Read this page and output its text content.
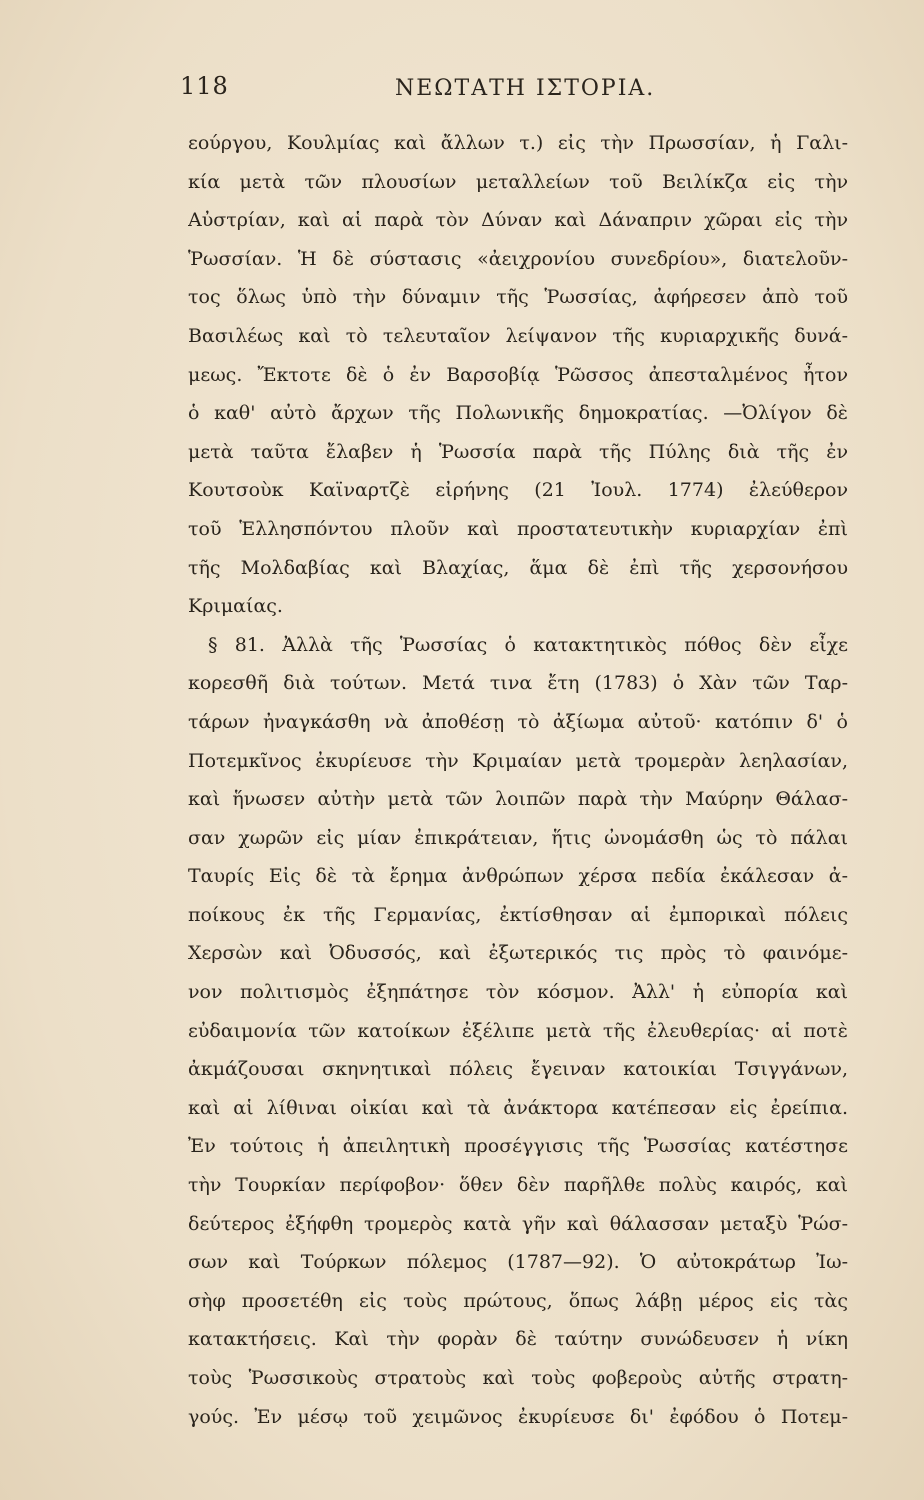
118	ΝΕΩΤΑΤΗ ΙΣΤΟΡΙΑ.
εούργου, Κουλμίας καὶ ἄλλων τ.) εἰς τὴν Πρωσσίαν, ἡ Γαλι-
κία μετὰ τῶν πλουσίων μεταλλείων τοῦ Βειλίκζα εἰς τὴν
Αὐστρίαν, καὶ αἱ παρὰ τὸν Δύναν καὶ Δάναπριν χῶραι εἰς τὴν
Ῥωσσίαν. Ἡ δὲ σύστασις «ἀειχρονίου συνεδρίου», διατελοῦν-
τος ὅλως ὑπὸ τὴν δύναμιν τῆς Ῥωσσίας, ἀφήρεσεν ἀπὸ τοῦ
Βασιλέως καὶ τὸ τελευταῖον λείψανον τῆς κυριαρχικῆς δυνά-
μεως. Ἔκτοτε δὲ ὁ ἐν Βαρσοβίᾳ Ῥῶσσος ἀπεσταλμένος ἦτον
ὁ καθ' αὐτὸ ἄρχων τῆς Πολωνικῆς δημοκρατίας. —Ὀλίγον δὲ
μετὰ ταῦτα ἔλαβεν ἡ Ῥωσσία παρὰ τῆς Πύλης διὰ τῆς ἐν
Κουτσοὺκ Καϊναρτζὲ εἰρήνης (21 Ἰουλ. 1774) ἐλεύθερον
τοῦ Ἑλλησπόντου πλοῦν καὶ προστατευτικὴν κυριαρχίαν ἐπὶ
τῆς Μολδαβίας καὶ Βλαχίας, ἅμα δὲ ἐπὶ τῆς χερσονήσου
Κριμαίας.
§ 81. Ἀλλὰ τῆς Ῥωσσίας ὁ κατακτητικὸς πόθος δὲν εἶχε
κορεσθῆ διὰ τούτων. Μετά τινα ἔτη (1783) ὁ Χὰν τῶν Ταρ-
τάρων ἠναγκάσθη νὰ ἀποθέσῃ τὸ ἀξίωμα αὐτοῦ· κατόπιν δ' ὁ
Ποτεμκῖνος ἐκυρίευσε τὴν Κριμαίαν μετὰ τρομερὰν λεηλασίαν,
καὶ ἥνωσεν αὐτὴν μετὰ τῶν λοιπῶν παρὰ τὴν Μαύρην Θάλασ-
σαν χωρῶν εἰς μίαν ἐπικράτειαν, ἥτις ὠνομάσθη ὡς τὸ πάλαι
Ταυρίς Εἰς δὲ τὰ ἔρημα ἀνθρώπων χέρσα πεδία ἐκάλεσαν ἀ-
ποίκους ἐκ τῆς Γερμανίας, ἐκτίσθησαν αἱ ἐμπορικαὶ πόλεις
Χερσὼν καὶ Ὀδυσσός, καὶ ἐξωτερικός τις πρὸς τὸ φαινόμε-
νον πολιτισμὸς ἐξηπάτησε τὸν κόσμον. Ἀλλ' ἡ εὐπορία καὶ
εὐδαιμονία τῶν κατοίκων ἐξέλιπε μετὰ τῆς ἐλευθερίας· αἱ ποτὲ
ἀκμάζουσαι σκηνητικαὶ πόλεις ἔγειναν κατοικίαι Τσιγγάνων,
καὶ αἱ λίθιναι οἰκίαι καὶ τὰ ἀνάκτορα κατέπεσαν εἰς ἐρείπια.
Ἐν τούτοις ἡ ἀπειλητικὴ προσέγγισις τῆς Ῥωσσίας κατέστησε
τὴν Τουρκίαν περίφοβον· ὅθεν δὲν παρῆλθε πολὺς καιρός, καὶ
δεύτερος ἐξήφθη τρομερὸς κατὰ γῆν καὶ θάλασσαν μεταξὺ Ῥώσ-
σων καὶ Τούρκων πόλεμος (1787—92). Ὁ αὐτοκράτωρ Ἰω-
σὴφ προσετέθη εἰς τοὺς πρώτους, ὅπως λάβῃ μέρος εἰς τὰς
κατακτήσεις. Καὶ τὴν φορὰν δὲ ταύτην συνώδευσεν ἡ νίκη
τοὺς Ῥωσσικοὺς στρατοὺς καὶ τοὺς φοβεροὺς αὐτῆς στρατη-
γούς. Ἐν μέσῳ τοῦ χειμῶνος ἐκυρίευσε δι' ἐφόδου ὁ Ποτεμ-
